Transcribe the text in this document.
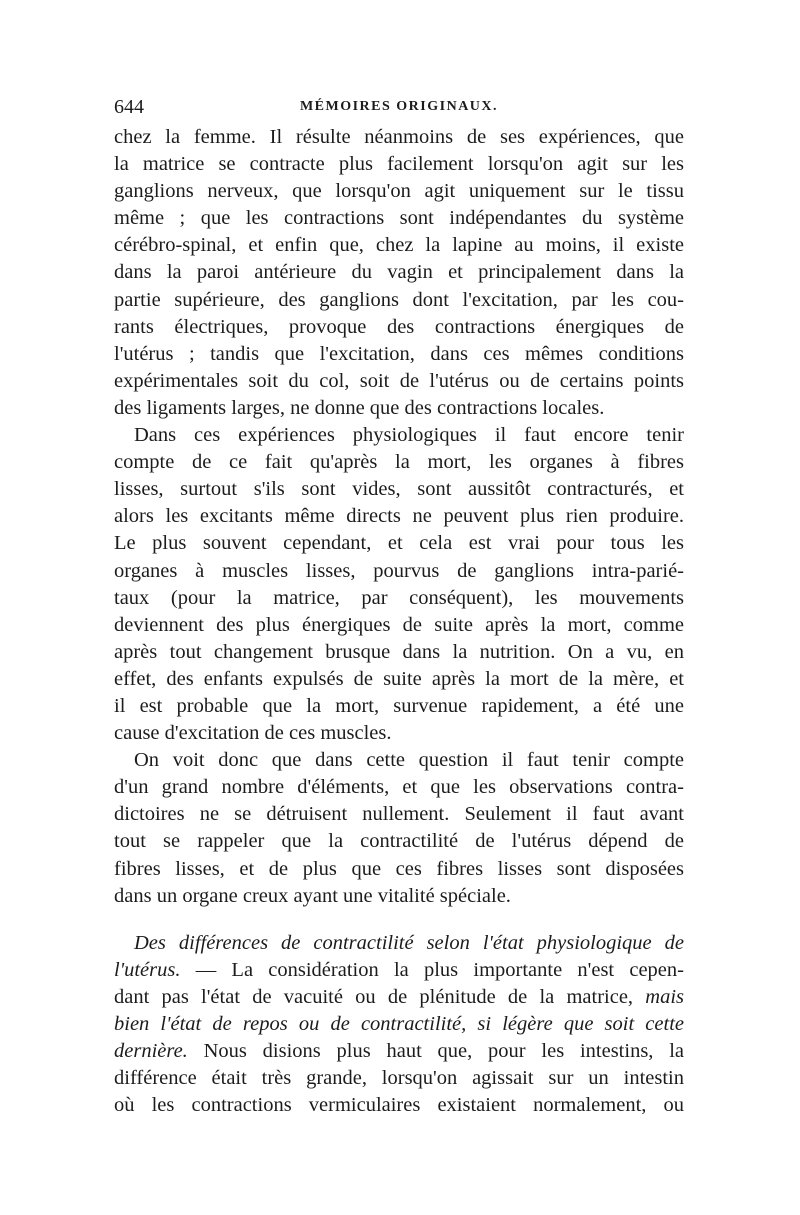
644	MÉMOIRES ORIGINAUX.
chez la femme. Il résulte néanmoins de ses expériences, que
la matrice se contracte plus facilement lorsqu'on agit sur les
ganglions nerveux, que lorsqu'on agit uniquement sur le tissu
même ; que les contractions sont indépendantes du système
cérébro-spinal, et enfin que, chez la lapine au moins, il existe
dans la paroi antérieure du vagin et principalement dans la
partie supérieure, des ganglions dont l'excitation, par les cou-
rants électriques, provoque des contractions énergiques de
l'utérus ; tandis que l'excitation, dans ces mêmes conditions
expérimentales soit du col, soit de l'utérus ou de certains points
des ligaments larges, ne donne que des contractions locales.
Dans ces expériences physiologiques il faut encore tenir
compte de ce fait qu'après la mort, les organes à fibres
lisses, surtout s'ils sont vides, sont aussitôt contracturés, et
alors les excitants même directs ne peuvent plus rien produire.
Le plus souvent cependant, et cela est vrai pour tous les
organes à muscles lisses, pourvus de ganglions intra-parié-
taux (pour la matrice, par conséquent), les mouvements
deviennent des plus énergiques de suite après la mort, comme
après tout changement brusque dans la nutrition. On a vu, en
effet, des enfants expulsés de suite après la mort de la mère, et
il est probable que la mort, survenue rapidement, a été une
cause d'excitation de ces muscles.
On voit donc que dans cette question il faut tenir compte
d'un grand nombre d'éléments, et que les observations contra-
dictoires ne se détruisent nullement. Seulement il faut avant
tout se rappeler que la contractilité de l'utérus dépend de
fibres lisses, et de plus que ces fibres lisses sont disposées
dans un organe creux ayant une vitalité spéciale.
Des différences de contractilité selon l'état physiologique de
l'utérus. — La considération la plus importante n'est cepen-
dant pas l'état de vacuité ou de plénitude de la matrice, mais
bien l'état de repos ou de contractilité, si légère que soit cette
dernière. Nous disions plus haut que, pour les intestins, la
différence était très grande, lorsqu'on agissait sur un intestin
où les contractions vermiculaires existaient normalement, ou
